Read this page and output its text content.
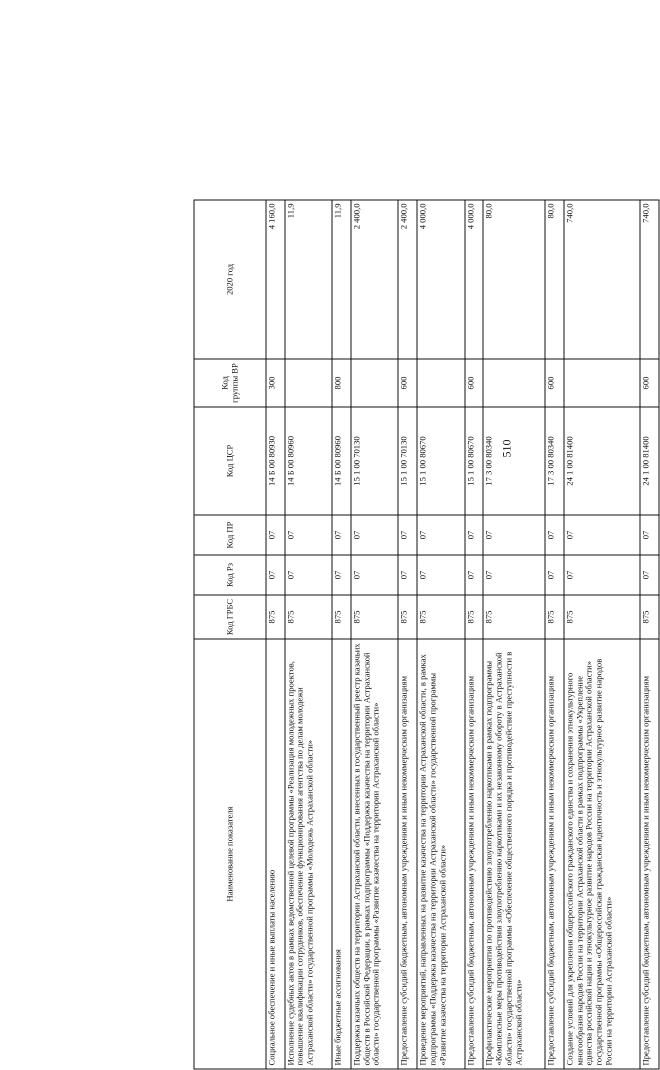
510
Наименование показателя	Код ГРБС	Код Рз	Код ПР	Код ЦСР	Код группы ВР	2020 год
Социальное обеспечение и иные выплаты населению	875	07	07	14 Б 00 80930	300	4 160,0
Исполнение судебных актов в рамках ведомственной целевой программы «Реализация молодежных проектов, повышение квалификации сотрудников, обеспечение функционирования агентства по делам молодежи Астраханской области» государственной программы «Молодежь Астраханской области»	875	07	07	14 Б 00 80960		11,9
Иные бюджетные ассигнования	875	07	07	14 Б 00 80960	800	11,9
Поддержка казачьих обществ на территории Астраханской области, внесенных в государственный реестр казачьих обществ в Российской Федерации, в рамках подпрограммы «Поддержка казачества на территории Астраханской области» государственной программы «Развитие казачества на территории Астраханской области»	875	07	07	15 1 00 70130		2 400,0
Предоставление субсидий бюджетным, автономным учреждениям и иным некоммерческим организациям	875	07	07	15 1 00 70130	600	2 400,0
Проведение мероприятий, направленных на развитие казачества на территории Астраханской области, в рамках подпрограммы «Поддержка казачества на территории Астраханской области» государственной программы «Развитие казачества на территории Астраханской области»	875	07	07	15 1 00 80670		4 000,0
Предоставление субсидий бюджетным, автономным учреждениям и иным некоммерческим организациям	875	07	07	15 1 00 80670	600	4 000,0
Профилактические мероприятия по противодействию злоупотреблению наркотиками в рамках подпрограммы «Комплексные меры противодействия злоупотреблению наркотиками и их незаконному обороту в Астраханской области» государственной программы «Обеспечение общественного порядка и противодействие преступности в Астраханской области»	875	07	07	17 3 00 80340		80,0
Предоставление субсидий бюджетным, автономным учреждениям и иным некоммерческим организациям	875	07	07	17 3 00 80340	600	80,0
Создание условий для укрепления общероссийского гражданского единства и сохранения этнокультурного многообразия народов России на территории Астраханской области в рамках подпрограммы «Укрепление единства российской нации и этнокультурное развитие народов России на территории Астраханской области» государственной программы «Общероссийская гражданская идентичность и этнокультурное развитие народов России на территории Астраханской области»	875	07	07	24 1 00 81400		740,0
Предоставление субсидий бюджетным, автономным учреждениям и иным некоммерческим организациям	875	07	07	24 1 00 81400	600	740,0
